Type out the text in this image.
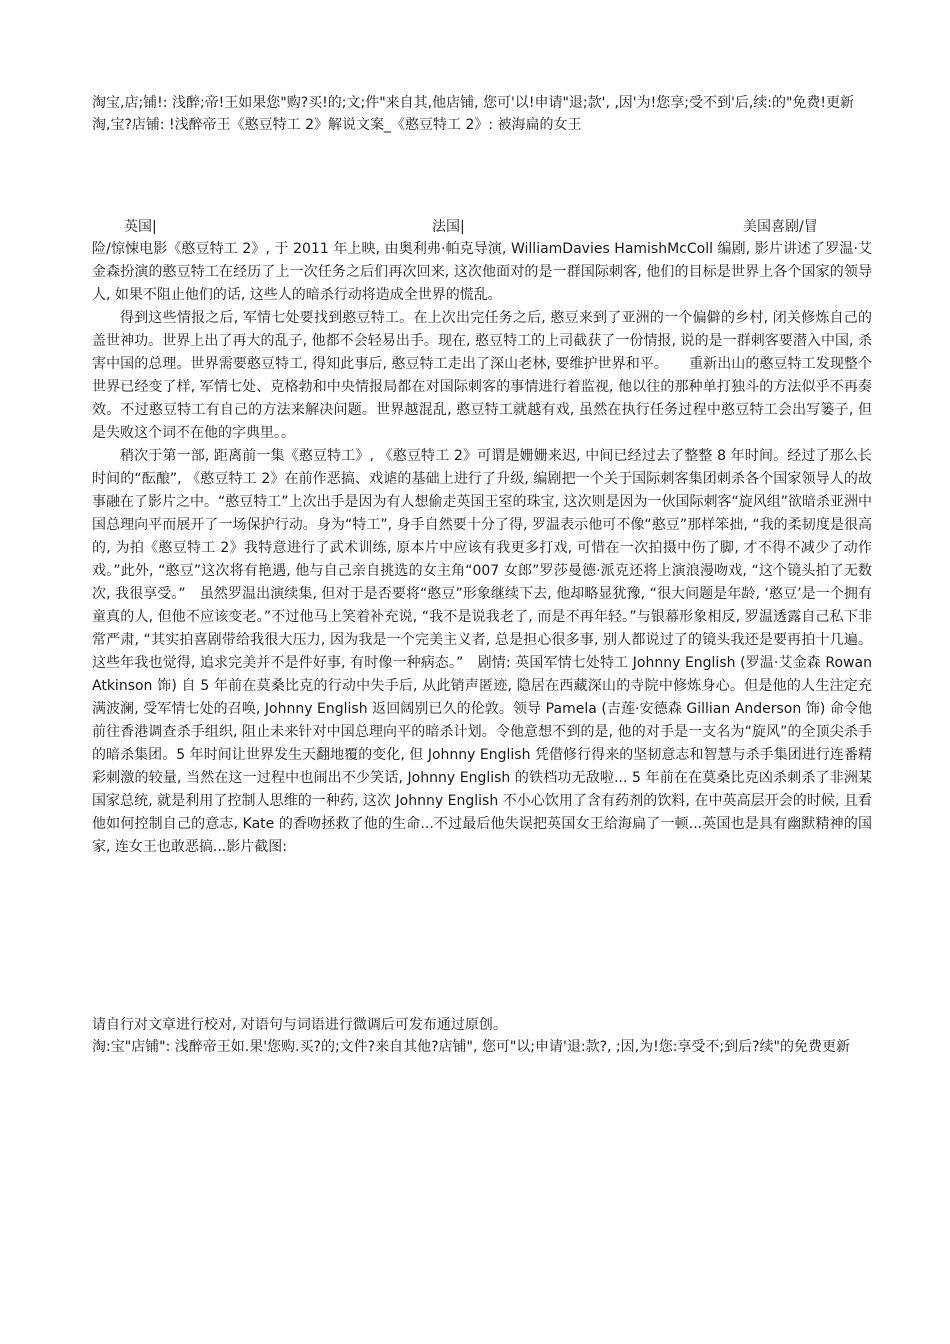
淘宝,店;铺!: 浅醉;帝!王如果您"购?买!的;文;件"来自其,他店铺, 您可'以!申请"退;款', ,因'为!您享;受不到'后,续:的"免费!更新淘,宝?店铺: !浅醉帝王《憨豆特工 2》解说文案_《憨豆特工 2》: 被海扁的女王
英国|	法国|	美国喜剧/冒

险/惊悚电影《憨豆特工 2》, 于 2011 年上映, 由奥利弗·帕克导演, WilliamDavies HamishMcColl 编剧, 影片讲述了罗温·艾金森扮演的憨豆特工在经历了上一次任务之后们再次回来, 这次他面对的是一群国际刺客, 他们的目标是世界上各个国家的领导人, 如果不阻止他们的话, 这些人的暗杀行动将造成全世界的慌乱。

得到这些情报之后, 军情七处要找到憨豆特工。在上次出完任务之后, 憨豆来到了亚洲的一个偏僻的乡村, 闭关修炼自己的盖世神功。世界上出了再大的乱子, 他都不会轻易出手。现在, 憨豆特工的上司截获了一份情报, 说的是一群刺客要潜入中国, 杀害中国的总理。世界需要憨豆特工, 得知此事后, 憨豆特工走出了深山老林, 要维护世界和平。　　重新出山的憨豆特工发现整个世界已经变了样, 军情七处、克格勃和中央情报局都在对国际刺客的事情进行着监视, 他以往的那种单打独斗的方法似乎不再奏效。不过憨豆特工有自己的方法来解决问题。世界越混乱, 憨豆特工就越有戏, 虽然在执行任务过程中憨豆特工会出写篓子, 但是失败这个词不在他的字典里。。

稍次于第一部, 距离前一集《憨豆特工》, 《憨豆特工 2》可谓是姗姗来迟, 中间已经过去了整整 8 年时间。经过了那么长时间的“酝酿”, 《憨豆特工 2》在前作恶搞、戏谑的基础上进行了升级, 编剧把一个关于国际刺客集团刺杀各个国家领导人的故事融在了影片之中。“憨豆特工”上次出手是因为有人想偷走英国王室的珠宝, 这次则是因为一伙国际刺客“旋风组”欲暗杀亚洲中国总理向平而展开了一场保护行动。身为“特工”, 身手自然要十分了得, 罗温表示他可不像“憨豆”那样笨拙, “我的柔韧度是很高的, 为拍《憨豆特工 2》我特意进行了武术训练, 原本片中应该有我更多打戏, 可惜在一次拍摄中伤了脚, 才不得不减少了动作戏。”此外, “憨豆”这次将有艳遇, 他与自己亲自挑选的女主角“007 女郎”罗莎曼德·派克还将上演浪漫吻戏, “这个镜头拍了无数次, 我很享受。”　虽然罗温出演续集, 但对于是否要将“憨豆”形象继续下去, 他却略显犹豫, “很大问题是年龄, ‘憨豆’是一个拥有童真的人, 但他不应该变老。”不过他马上笑着补充说, “我不是说我老了, 而是不再年轻。”与银幕形象相反, 罗温透露自己私下非常严肃, “其实拍喜剧带给我很大压力, 因为我是一个完美主义者, 总是担心很多事, 别人都说过了的镜头我还是要再拍十几遍。这些年我也觉得, 追求完美并不是件好事, 有时像一种病态。”　剧情: 英国军情七处特工 Johnny English (罗温·艾金森 Rowan Atkinson 饰) 自 5 年前在莫桑比克的行动中失手后, 从此销声匿迹, 隐居在西藏深山的寺院中修炼身心。但是他的人生注定充满波澜, 受军情七处的召唤, Johnny English 返回阔别已久的伦敦。领导 Pamela (吉莲·安德森 Gillian Anderson 饰) 命令他前往香港调查杀手组织, 阻止未来针对中国总理向平的暗杀计划。令他意想不到的是, 他的对手是一支名为“旋风”的全顶尖杀手的暗杀集团。5 年时间让世界发生天翻地覆的变化, 但 Johnny English 凭借修行得来的坚韧意志和智慧与杀手集团进行连番精彩刺激的较量, 当然在这一过程中也闹出不少笑话, Johnny English 的铁档功无敌啦... 5 年前在在莫桑比克凶杀刺杀了非洲某国家总统, 就是利用了控制人思维的一种药, 这次 Johnny English 不小心饮用了含有药剂的饮料, 在中英高层开会的时候, 且看他如何控制自己的意志, Kate 的香吻拯救了他的生命...不过最后他失误把英国女王给海扁了一顿...英国也是具有幽默精神的国家, 连女王也敢恶搞...影片截图:

请自行对文章进行校对, 对语句与词语进行微调后可发布通过原创。

淘:宝"店铺": 浅醉帝王如.果'您购.买?的;文件?来自其他?店铺", 您可"以;申请'退:款?, ;因,为!您:享受不;到后?续"的免费更新
